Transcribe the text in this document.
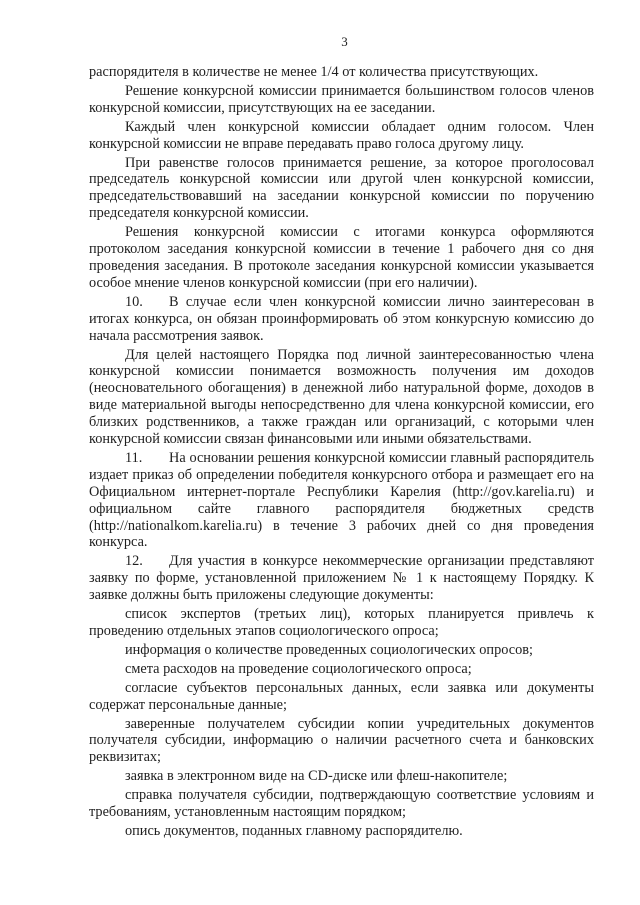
3

распорядителя в количестве не менее 1/4 от количества присутствующих.

Решение конкурсной комиссии принимается большинством голосов членов конкурсной комиссии, присутствующих на ее заседании.

Каждый член конкурсной комиссии обладает одним голосом. Член конкурсной комиссии не вправе передавать право голоса другому лицу.

При равенстве голосов принимается решение, за которое проголосовал председатель конкурсной комиссии или другой член конкурсной комиссии, председательствовавший на заседании конкурсной комиссии по поручению председателя конкурсной комиссии.

Решения конкурсной комиссии с итогами конкурса оформляются протоколом заседания конкурсной комиссии в течение 1 рабочего дня со дня проведения заседания. В протоколе заседания конкурсной комиссии указывается особое мнение членов конкурсной комиссии (при его наличии).

10. В случае если член конкурсной комиссии лично заинтересован в итогах конкурса, он обязан проинформировать об этом конкурсную комиссию до начала рассмотрения заявок.

Для целей настоящего Порядка под личной заинтересованностью члена конкурсной комиссии понимается возможность получения им доходов (неосновательного обогащения) в денежной либо натуральной форме, доходов в виде материальной выгоды непосредственно для члена конкурсной комиссии, его близких родственников, а также граждан или организаций, с которыми член конкурсной комиссии связан финансовыми или иными обязательствами.

11. На основании решения конкурсной комиссии главный распорядитель издает приказ об определении победителя конкурсного отбора и размещает его на Официальном интернет-портале Республики Карелия (http://gov.karelia.ru) и официальном сайте главного распорядителя бюджетных средств (http://nationalkom.karelia.ru) в течение 3 рабочих дней со дня проведения конкурса.

12. Для участия в конкурсе некоммерческие организации представляют заявку по форме, установленной приложением № 1 к настоящему Порядку. К заявке должны быть приложены следующие документы:

список экспертов (третьих лиц), которых планируется привлечь к проведению отдельных этапов социологического опроса;

информация о количестве проведенных социологических опросов;

смета расходов на проведение социологического опроса;

согласие субъектов персональных данных, если заявка или документы содержат персональные данные;

заверенные получателем субсидии копии учредительных документов получателя субсидии, информацию о наличии расчетного счета и банковских реквизитах;

заявка в электронном виде на CD-диске или флеш-накопителе;

справка получателя субсидии, подтверждающую соответствие условиям и требованиям, установленным настоящим порядком;

опись документов, поданных главному распорядителю.
